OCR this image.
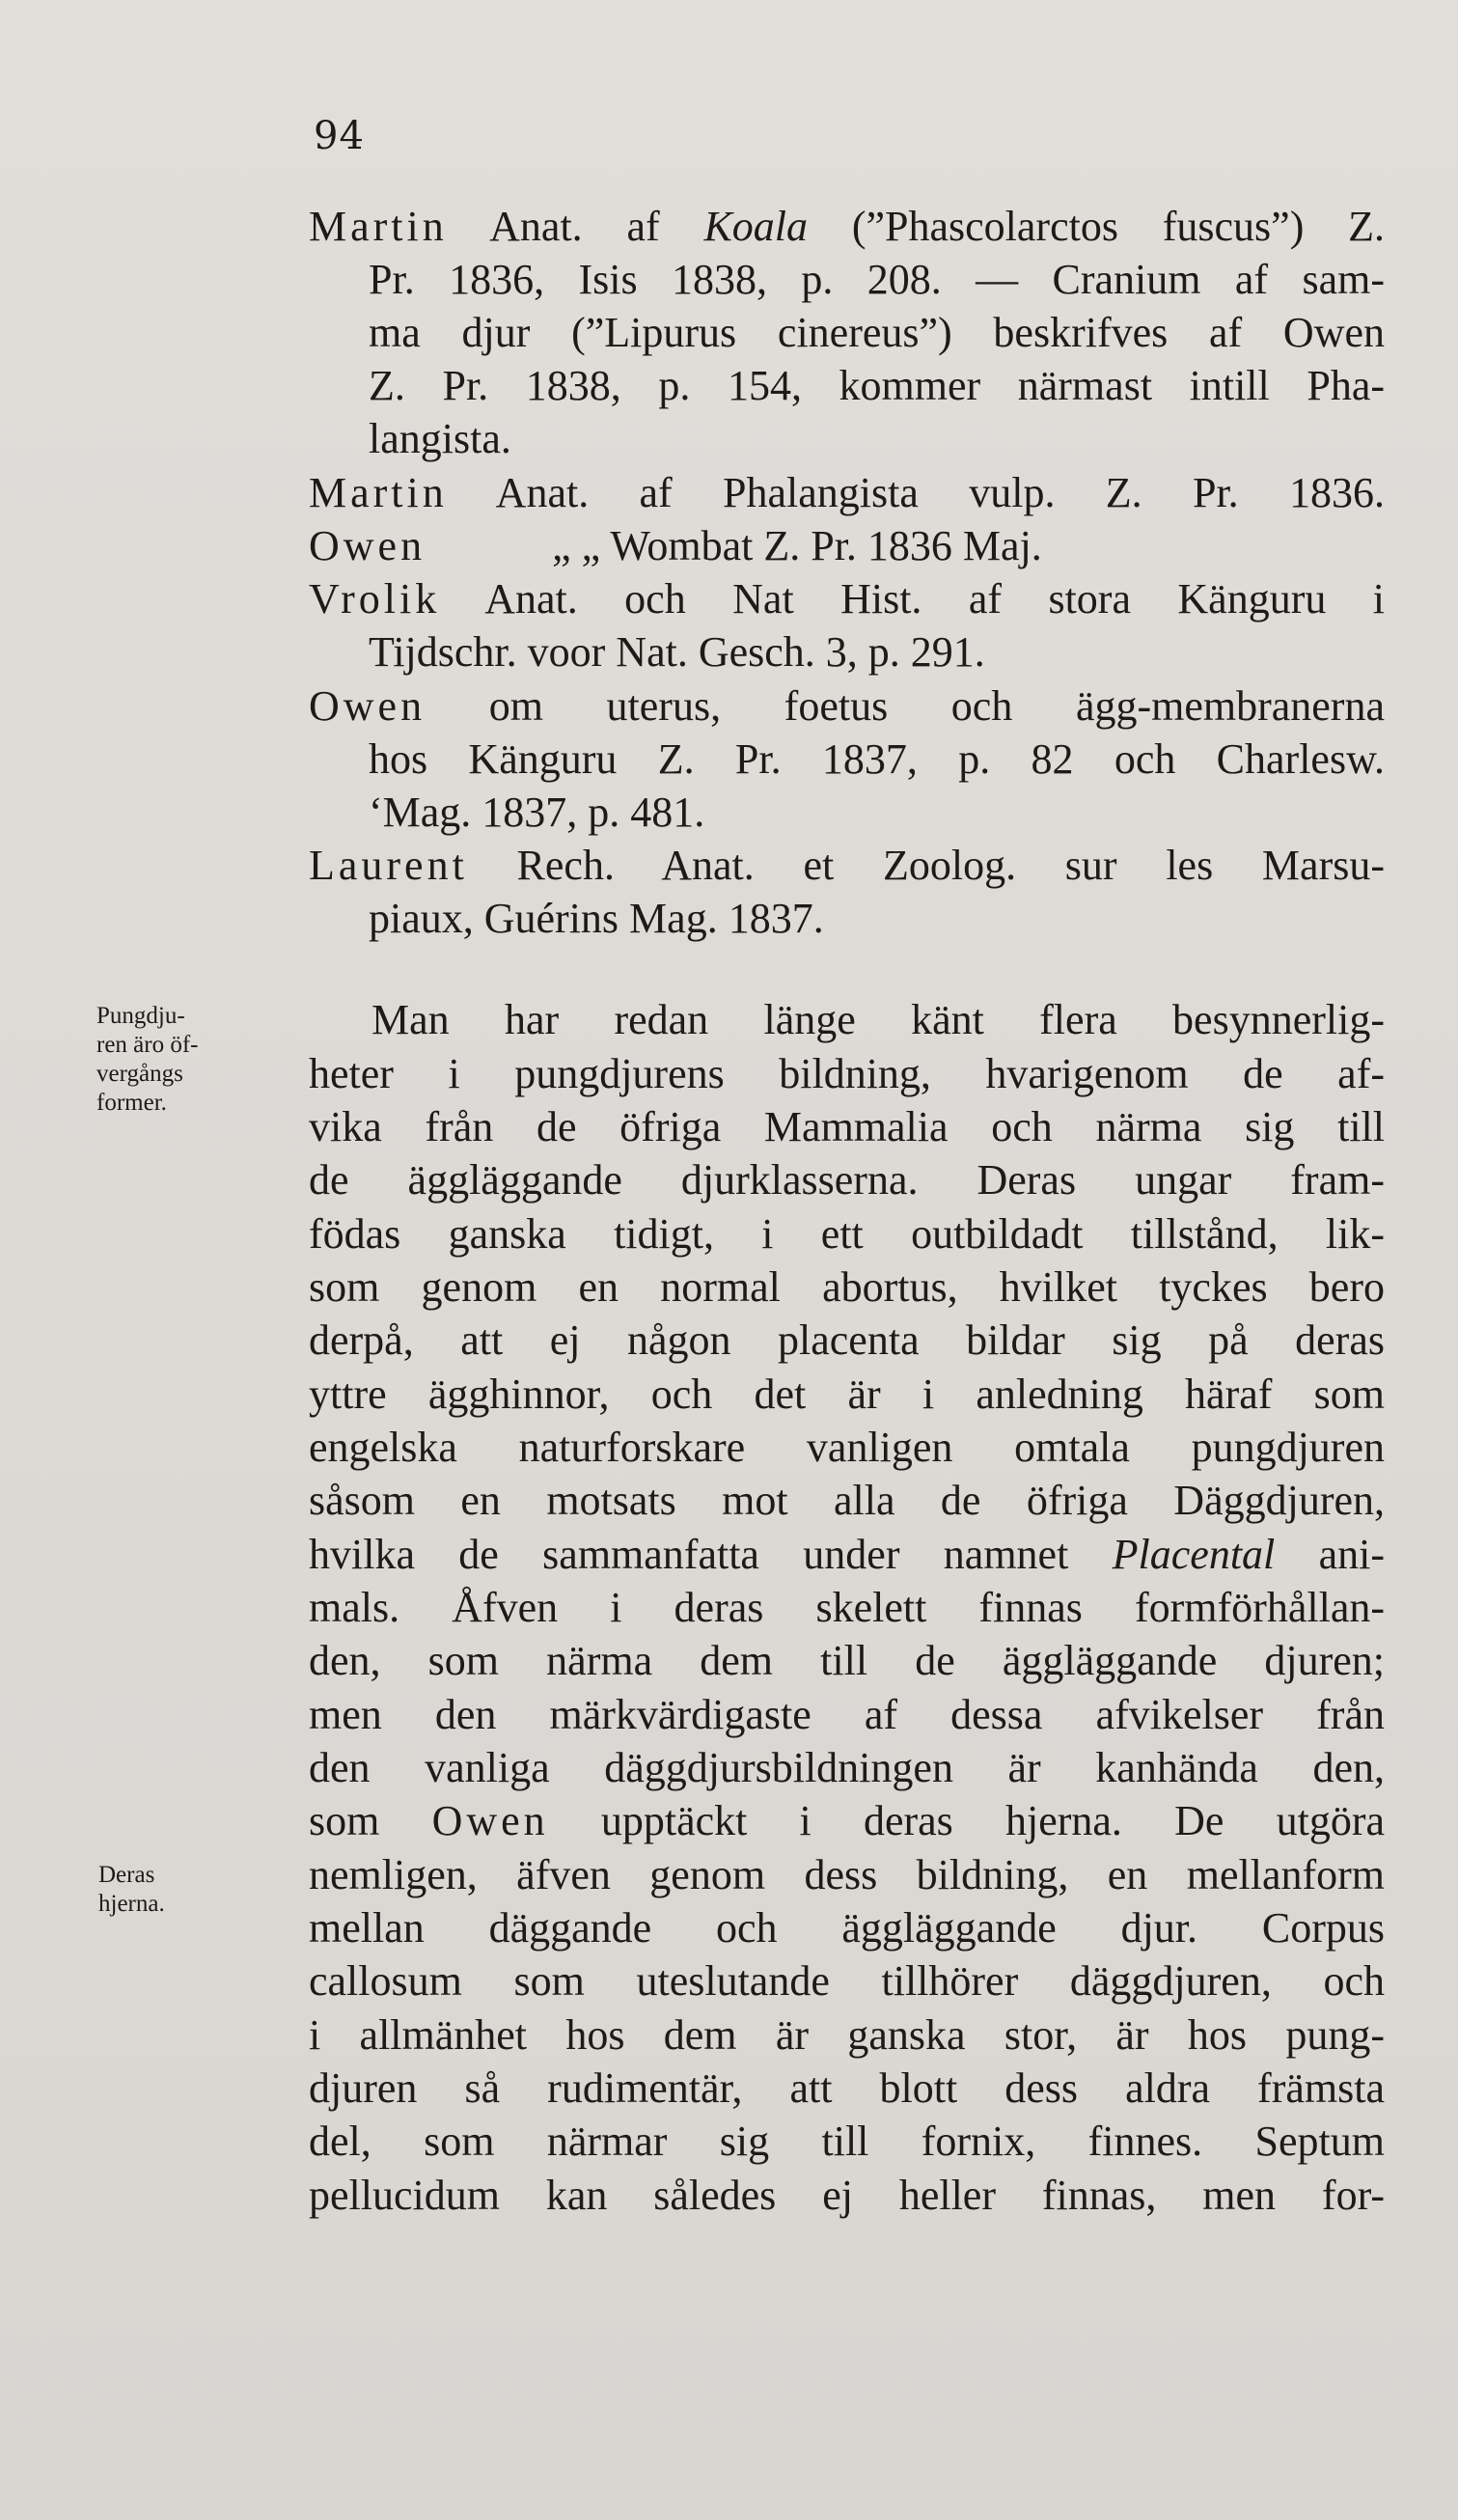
94
Martin Anat. af Koala (”Phascolarctos fuscus”) Z.
Pr. 1836, Isis 1838, p. 208. — Cranium af sam-
ma djur (”Lipurus cinereus”) beskrifves af Owen
Z. Pr. 1838, p. 154, kommer närmast intill Pha-
langista.
Martin Anat. af Phalangista vulp. Z. Pr. 1836.
Owen	„ „ Wombat Z. Pr. 1836 Maj.
Vrolik Anat. och Nat Hist. af stora Känguru i
Tijdschr. voor Nat. Gesch. 3, p. 291.
Owen om uterus, foetus och ägg-membranerna
hos Känguru Z. Pr. 1837, p. 82 och Charlesw.
‘Mag. 1837, p. 481.
Laurent Rech. Anat. et Zoolog. sur les Marsu-
piaux, Guérins Mag. 1837.
Pungdju-
ren äro öf-
vergångs
former.
Deras
hjerna.
Man har redan länge känt flera besynnerlig-
heter i pungdjurens bildning, hvarigenom de af-
vika från de öfriga Mammalia och närma sig till
de äggläggande djurklasserna. Deras ungar fram-
födas ganska tidigt, i ett outbildadt tillstånd, lik-
som genom en normal abortus, hvilket tyckes bero
derpå, att ej någon placenta bildar sig på deras
yttre ägghinnor, och det är i anledning häraf som
engelska naturforskare vanligen omtala pungdjuren
såsom en motsats mot alla de öfriga Däggdjuren,
hvilka de sammanfatta under namnet Placental ani-
mals. Åfven i deras skelett finnas formförhållan-
den, som närma dem till de äggläggande djuren;
men den märkvärdigaste af dessa afvikelser från
den vanliga däggdjursbildningen är kanhända den,
som Owen upptäckt i deras hjerna. De utgöra
nemligen, äfven genom dess bildning, en mellanform
mellan däggande och äggläggande djur. Corpus
callosum som uteslutande tillhörer däggdjuren, och
i allmänhet hos dem är ganska stor, är hos pung-
djuren så rudimentär, att blott dess aldra främsta
del, som närmar sig till fornix, finnes. Septum
pellucidum kan således ej heller finnas, men for-
